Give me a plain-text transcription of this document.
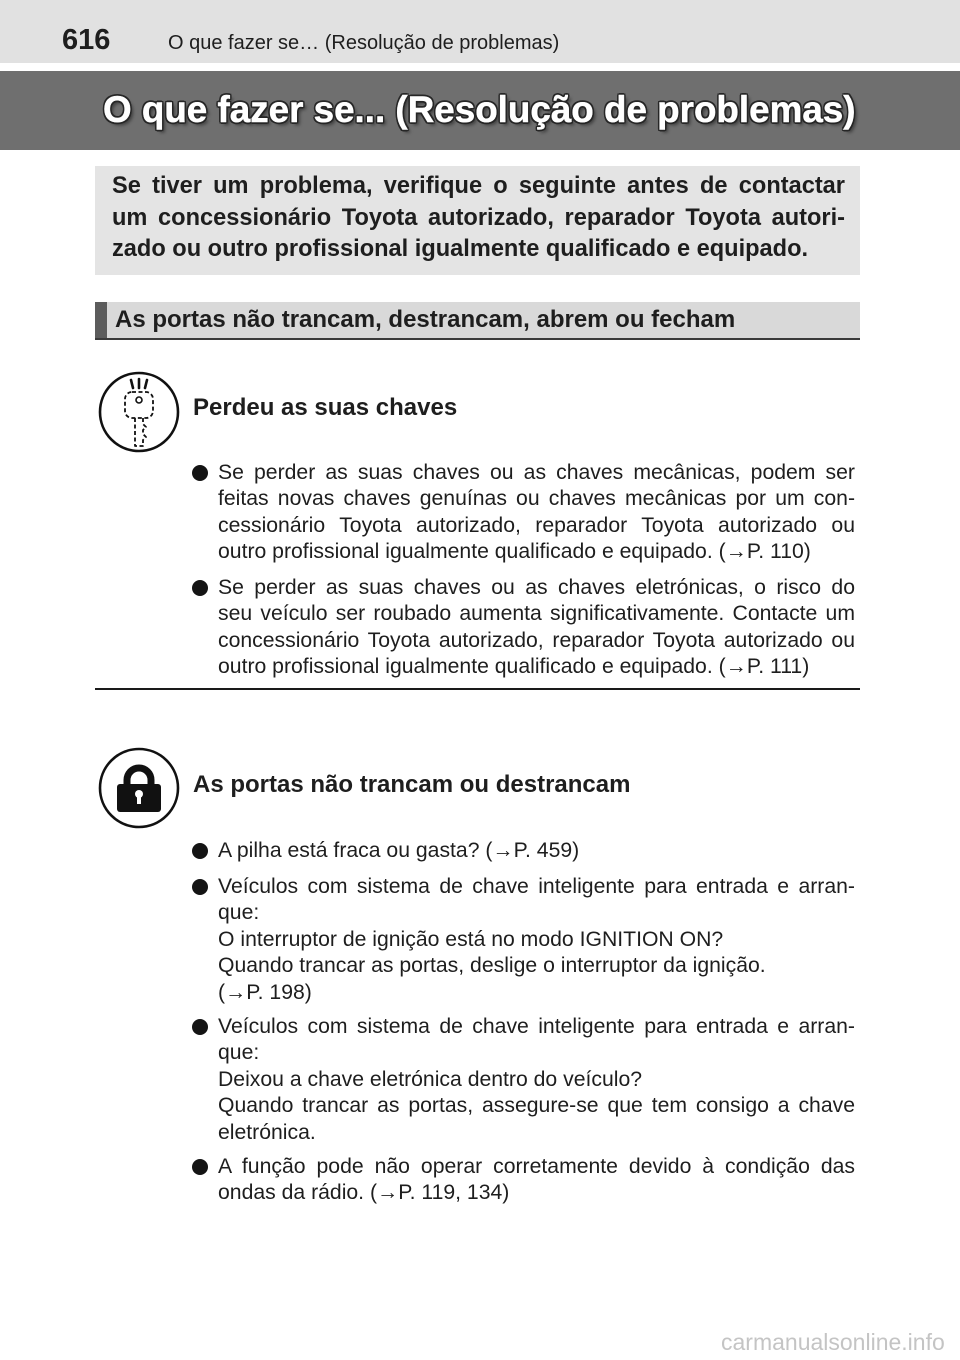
616	O que fazer se… (Resolução de problemas)
O que fazer se... (Resolução de problemas)
Se tiver um problema, verifique o seguinte antes de contactar
um concessionário Toyota autorizado, reparador Toyota autori-
zado ou outro profissional igualmente qualificado e equipado.
As portas não trancam, destrancam, abrem ou fecham
Perdeu as suas chaves
Se perder as suas chaves ou as chaves mecânicas, podem ser
feitas novas chaves genuínas ou chaves mecânicas por um con-
cessionário Toyota autorizado, reparador Toyota autorizado ou
outro profissional igualmente qualificado e equipado. (→P. 110)
Se perder as suas chaves ou as chaves eletrónicas, o risco do
seu veículo ser roubado aumenta significativamente. Contacte um
concessionário Toyota autorizado, reparador Toyota autorizado ou
outro profissional igualmente qualificado e equipado. (→P. 111)
As portas não trancam ou destrancam
A pilha está fraca ou gasta? (→P. 459)
Veículos com sistema de chave inteligente para entrada e arran-
que:
O interruptor de ignição está no modo IGNITION ON?
Quando trancar as portas, deslige o interruptor da ignição.
(→P. 198)
Veículos com sistema de chave inteligente para entrada e arran-
que:
Deixou a chave eletrónica dentro do veículo?
Quando trancar as portas, assegure-se que tem consigo a chave
eletrónica.
A função pode não operar corretamente devido à condição das
ondas da rádio. (→P. 119, 134)
carmanualsonline.info
